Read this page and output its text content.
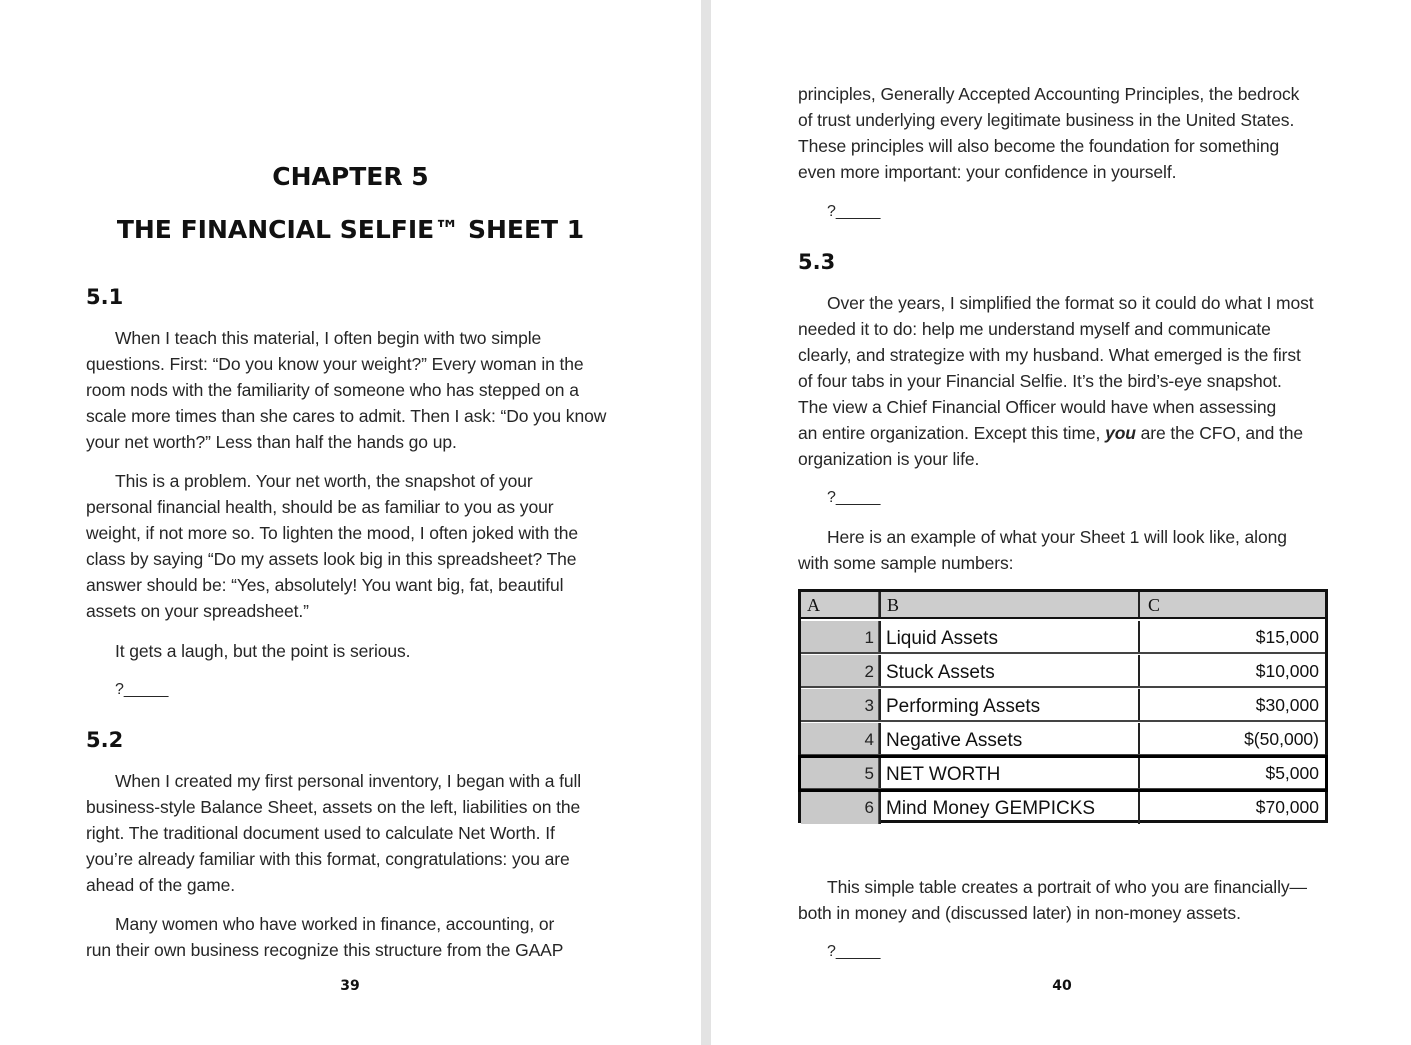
CHAPTER 5
THE FINANCIAL SELFIE™ SHEET 1
5.1
When I teach this material, I often begin with two simple
questions. First: “Do you know your weight?” Every woman in the
room nods with the familiarity of someone who has stepped on a
scale more times than she cares to admit. Then I ask: “Do you know
your net worth?” Less than half the hands go up.
This is a problem. Your net worth, the snapshot of your
personal financial health, should be as familiar to you as your
weight, if not more so. To lighten the mood, I often joked with the
class by saying “Do my assets look big in this spreadsheet? The
answer should be: “Yes, absolutely! You want big, fat, beautiful
assets on your spreadsheet.”
It gets a laugh, but the point is serious.
?_____
5.2
When I created my first personal inventory, I began with a full
business-style Balance Sheet, assets on the left, liabilities on the
right. The traditional document used to calculate Net Worth. If
you’re already familiar with this format, congratulations: you are
ahead of the game.
Many women who have worked in finance, accounting, or
run their own business recognize this structure from the GAAP
39
principles, Generally Accepted Accounting Principles, the bedrock
of trust underlying every legitimate business in the United States.
These principles will also become the foundation for something
even more important: your confidence in yourself.
?_____
5.3
Over the years, I simplified the format so it could do what I most
needed it to do: help me understand myself and communicate
clearly, and strategize with my husband. What emerged is the first
of four tabs in your Financial Selfie. It’s the bird’s-eye snapshot.
The view a Chief Financial Officer would have when assessing
an entire organization. Except this time, you are the CFO, and the
organization is your life.
?_____
Here is an example of what your Sheet 1 will look like, along
with some sample numbers:
A	B	C
1 Liquid Assets	$15,000
2 Stuck Assets	$10,000
3 Performing Assets	$30,000
4 Negative Assets	$(50,000)
5 NET WORTH	$5,000
6 Mind Money GEMPICKS	$70,000
This simple table creates a portrait of who you are financially—
both in money and (discussed later) in non-money assets.
?_____
40
